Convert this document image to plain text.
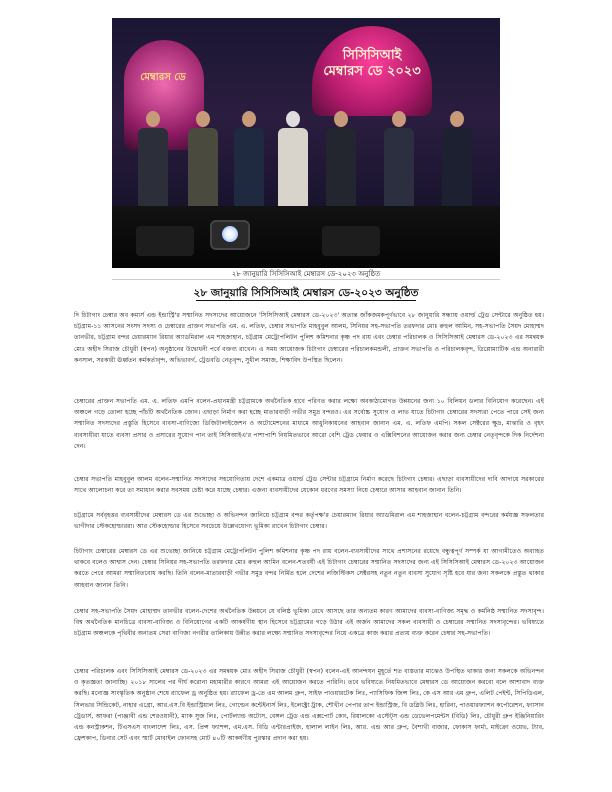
মেম্বারস ডে
সিসিসিআই মেম্বারস ডে ২০২৩
২৮ জানুয়ারি সিসিসিআই মেম্বারস ডে-২০২৩ অনুষ্ঠিত
২৮ জানুয়ারি সিসিসিআই মেম্বারস ডে-২০২৩ অনুষ্ঠিত

দি চিটাগাং চেম্বার অব কমার্স এন্ড ইন্ডাস্ট্রি'র সম্মানিত সদস্যদের আয়োজনে 'সিসিসিআই মেম্বারস ডে-২০২৩' অত্যন্ত জাঁকজমকপূর্ণভাবে ২৮ জানুয়ারি সন্ধ্যায় ওয়ার্ল্ড ট্রেড সেন্টারে অনুষ্ঠিত হয়। চট্টগ্রাম-১১ আসনের সংসদ সদস্য ও চেম্বারের প্রাক্তন সভাপতি এম. এ. লতিফ, চেম্বার সভাপতি মাহবুবুল আলম, সিনিয়র সহ-সভাপতি তরফদার মোঃ রুহুল আমিন, সহ-সভাপতি সৈয়দ মোহাম্মদ তানভীর, চট্টগ্রাম বন্দর চেয়ারম্যান রিয়ার অ্যাডমিরাল এম শাহজাহান, চট্টগ্রাম মেট্রোপলিটন পুলিশ কমিশনার কৃষ্ণ পদ রায় এবং চেম্বার পরিচালক ও সিসিসিআই মেম্বারস ডে-২০২৩ এর সমন্বয়ক মোঃ অহীদ সিরাজ চৌধুরী (স্বপন) অনুষ্ঠানের উদ্বোধনী পর্বে বক্তব্য রাখেন। এ সময় আয়োজক চিটাগাং চেম্বারের পরিচালকমন্ডলী, প্রাক্তন সভাপতি ও পরিচালকবৃন্দ, ডিপ্লোম্যাটিক এন্ড অনারারী কনসাল, সরকারী ঊর্ধ্বতন কর্মকর্তাবৃন্দ, অভিভাবর্গ, ট্রেডবডি নেতৃবৃন্দ, সুধীল সমাজ, শিক্ষাবিদ উপস্থিত ছিলেন।

চেম্বারের প্রাক্তন সভাপতি এম. এ. লতিফ এমপি বলেন-প্রধানমন্ত্রী চট্টগ্রামকে অর্থনৈতিক হাবে পরিণত করার লক্ষ্যে অবকাঠামোগত উন্নয়নের জন্য ১০ বিলিয়ন ডলার বিনিয়োগ করেছেন। এই অঞ্চলে গড়ে তোলা হচ্ছে পাঁচটি অর্থনৈতিক জোন। এছাড়া নির্মাণ করা হচ্ছে মাতারবাড়ী গভীর সমুদ্র বন্দরও। এর সর্বোচ্চ সুযোগ ও লাভ যাতে চিটাগাং চেম্বারের সদস্যরা পেতে পারে সেই জন্য সম্মানিত সদস্যদের প্রস্তুতি হিসেবে ব্যবসা-বাণিজ্যে ডিজিটালাইজেশন ও অটোমেশনের মাধ্যমে আধুনিকায়নের আহবান জানান এম. এ. লতিফ এমপি। সকল সেক্টরের ক্ষুদ্র, মাঝারি ও বৃহৎ ব্যবসায়ীরা যাতে ব্যবসা প্রসার ও প্রসারের সুযোগ পান তাই সিসিআইএ'র পাশাপাশি নিয়মিতভাবে আরো বেশি ট্রেড ফেয়ার ও এক্সিবিশনের আয়োজন করার জন্য চেম্বার নেতৃবৃন্দকে দিক নির্দেশনা দেন।

চেম্বার সভাপতি মাহবুবুল আলম বলেন-সম্মানিত সদস্যদের সহযোগিতায় দেশে একমাত্র ওয়ার্ল্ড ট্রেড সেন্টার চট্টগ্রামে নির্মাণ করেছে চিটাগাং চেম্বার। এছাড়া ব্যবসায়ীদের দাবি আদায়ে সরকারের সাথে আলোচনা করে তা সমাধান করার সবসময় চেষ্টা করে যাচ্ছে চেম্বার। এজন্য ব্যবসায়ীদের যেকোন ধরণের সমস্যা নিয়ে চেম্বারে আসার আহবান জানান তিনি।

চট্টগ্রামে সর্ববৃহত্তর ব্যবসায়ীদের মেম্বারস ডে এর শুভেচ্ছা ও অভিনন্দন জানিয়ে চট্টগ্রাম বন্দর কর্তৃপক্ষ'র চেয়ারম্যান রিয়ার অ্যাডমিরাল এম শাহজাহান বলেন-চট্টগ্রাম বন্দরের কর্মযজ্ঞ সফলতার ভাগীদার স্টেকহোল্ডাররা। আর স্টেকহোল্ডার হিসেবে সবচেয়ে উল্লেখযোগ্য ভূমিকা রাখেন চিটাগাং চেম্বার।

চিটাগাং চেম্বারের মেম্বারস ডে এর শুভেচ্ছা জানিয়ে চট্টগ্রাম মেট্রোপলিটন পুলিশ কমিশনার কৃষ্ণ পদ রায় বলেন-ব্যবসায়ীদের সাথে প্রশাসনের রয়েছে বন্ধুত্বপূর্ণ সম্পর্ক যা আগামীতেও অব্যাহত থাকবে বলেও আশ্বাস দেন। চেম্বার সিনিয়র সহ-সভাপতি তরফদার মোঃ রুহুল আমিন বলেন-শতবর্ষী এই চিটাগাং চেম্বারের সম্মানিত সদস্যদের জন্য এই সিসিসিআই মেম্বারস ডে-২০২৩ আয়োজন করতে পেরে আমরা সম্মানিতবোধ করছি। তিনি বলেন-মাতারবাড়ী গভীর সমুদ্র বন্দর নির্মিত হলে দেশের লজিস্টিকস সেক্টরসহ নতুন নতুন ব্যবসা সুযোগ সৃষ্টি হবে যার জন্য সকলকে প্রস্তুত থাকার আহবান জানান তিনি।

চেম্বার সহ-সভাপতি সৈয়দ মোহাম্মদ তানভীর বলেন-দেশের অর্থনৈতিক উন্নয়নে যে বলিষ্ঠ ভূমিকা রেখে আসছে তার অন্যতম কারণ আমাদের ব্যবসা-বাণিজ্য সমৃদ্ধ ও কর্মনিষ্ঠ সম্মানিত সদস্যবৃন্দ। বিশ্ব অর্থনৈতিক মানচিত্রে ব্যবসা-বাণিজ্য ও বিনিয়োগের একটি আকর্ষণীয় স্থান হিসেবে চট্টগ্রামের গড়ে উঠার এই অর্জন আমাদের সকল ব্যবসায়ী ও চেম্বারের সম্মানিত সদস্যবৃন্দের। ভবিষ্যতে চট্টগ্রাম অঞ্চলকে পৃথিবীর অন্যতম সেরা বাণিজ্য নগরীর তালিকায় উন্নীত করার লক্ষ্যে সম্মানিত সদস্যবৃন্দের নিয়ে একত্রে কাজ করার প্রত্যয় ব্যক্ত করেন চেম্বার সহ-সভাপতি।

চেম্বার পরিচালক এবং সিসিসিআই মেম্বারস ডে-২০২৩ এর সমন্বয়ক মোঃ অহীদ সিরাজ চৌধুরী (স্বপন) বলেন-এই আনন্দঘন মুহূর্তে শত ব্যস্ততার মাঝেও উপস্থিত থাকার জন্য সকলকে অভিনন্দন ও কৃতজ্ঞতা জানাচ্ছি। ২০১৮ সালের পর দীর্ঘ করোনা মহামারীর কারণে আমরা এই আয়োজন করতে পারিনি। তবে ভবিষ্যতে নিয়মিতভাবে মেম্বারস ডে আয়োজন করবো বলে আশাবাদ ব্যক্ত করছি। মনোজ্ঞ সাংস্কৃতিক অনুষ্ঠান শেষে র‍্যাফেল ড্র অনুষ্ঠিত হয়। র‍্যাফেল ড্র-তে এম আলম গ্রুপ, সাইফ পাওয়ারটেক লিঃ, প্যাসিফিক জিন্স লিঃ, কে এস আর এম গ্রুপ, এলিট পেইন্ট, সিপিডিএল, সিলভার সিন্ডিকেট, নাহার এগ্রো, আর.এস.বি ইন্ডাস্ট্রিয়াল লিঃ, গোল্ডেন কন্টেইনার্স লিঃ, ইলেক্ট্রো ট্রাক, শৌখীন পেপার তাপ ইন্ডাস্ট্রিজ, বি ডব্লিউ লিঃ, হারিনা, পাওয়ারফ্যাশন কর্পোরেশন, ফ্যাসান ট্রেডার্স, আফরা (পাঞ্জাবী এন্ড শেরওয়ানী), ম্যাক সুজ লিঃ, পোর্টল্যান্ড অটোস, বেঙ্গল ট্রেড এন্ড এক্সপোর্ট কোং, রিয়ালকো এস্টেট্‌স এন্ড ডেভেলপমেন্টস (বিডি) লিঃ, চৌধুরী গ্রুপ ইঞ্জিনিয়ারিং এন্ড কনস্ট্রাকশন, টিএসএস বাংলাদেশ লিঃ, এস. প্রিন্স ফ্যাশন্স, এম.এস. বিডি এন্টারপ্রাইজ, হালাল লাইন লিঃ, আর. এন্ড আর গ্রুপ, বৈশাখী বাজার, ফোকাস ফার্মা, মাইক্রো ওয়েভ, ট্যাব, ফ্রেশকাপ, ডিনার সেট এবং স্মার্ট মোবাইল ফোনসহ মোট ৪০টি আকর্ষণীয় পুরস্কার প্রদান করা হয়।
